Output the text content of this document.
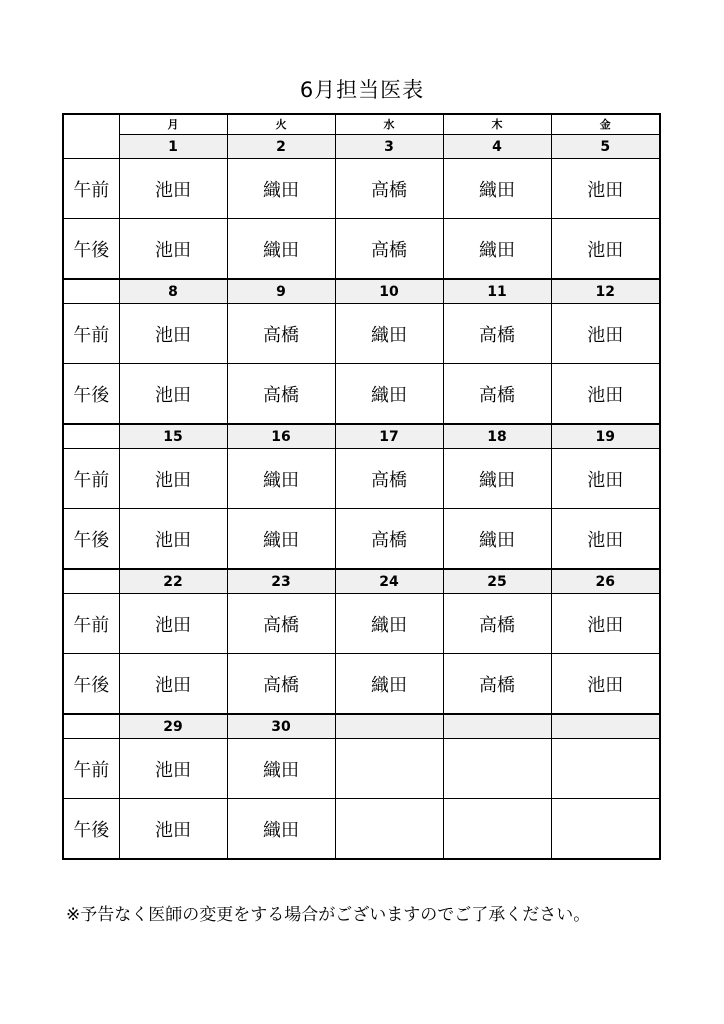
6月担当医表
	月	火	水	木	金
	1	2	3	4	5
午前	池田	織田	高橋	織田	池田
午後	池田	織田	高橋	織田	池田
	8	9	10	11	12
午前	池田	高橋	織田	高橋	池田
午後	池田	高橋	織田	高橋	池田
	15	16	17	18	19
午前	池田	織田	高橋	織田	池田
午後	池田	織田	高橋	織田	池田
	22	23	24	25	26
午前	池田	高橋	織田	高橋	池田
午後	池田	高橋	織田	高橋	池田
	29	30			
午前	池田	織田			
午後	池田	織田			
※予告なく医師の変更をする場合がございますのでご了承ください。
